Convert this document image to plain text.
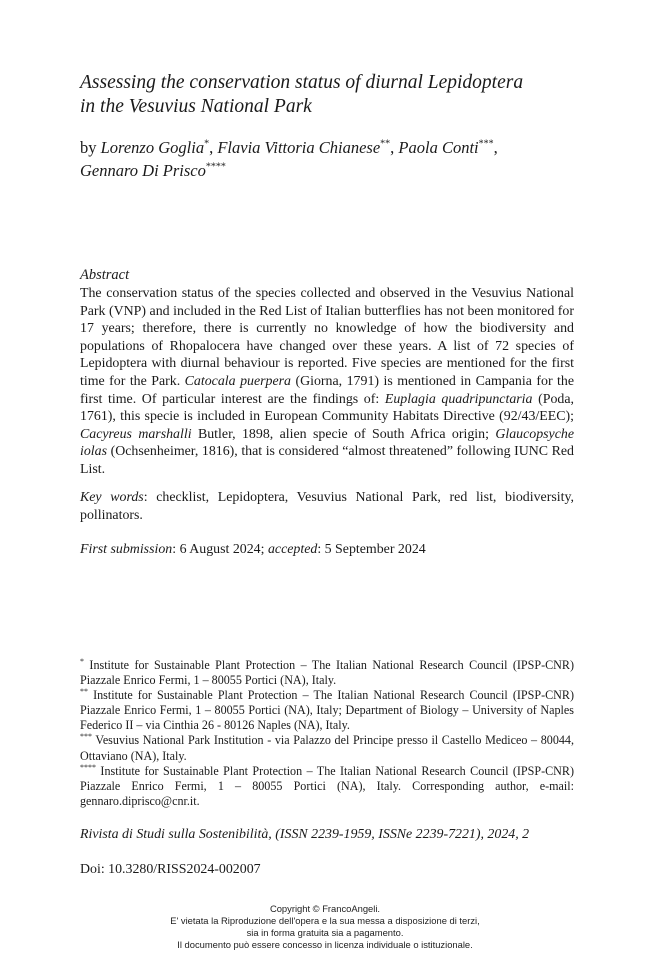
Assessing the conservation status of diurnal Lepidoptera
in the Vesuvius National Park
by Lorenzo Goglia*, Flavia Vittoria Chianese**, Paola Conti***,
Gennaro Di Prisco****
Abstract

The conservation status of the species collected and observed in the Vesuvius National Park (VNP) and included in the Red List of Italian butterflies has not been monitored for 17 years; therefore, there is currently no knowledge of how the biodiversity and populations of Rhopalocera have changed over these years. A list of 72 species of Lepidoptera with diurnal behaviour is reported. Five species are mentioned for the first time for the Park. Catocala puerpera (Giorna, 1791) is mentioned in Campania for the first time. Of particular interest are the findings of: Euplagia quadripunctaria (Poda, 1761), this specie is included in European Community Habitats Directive (92/43/EEC); Cacyreus marshalli Butler, 1898, alien specie of South Africa origin; Glaucopsyche iolas (Ochsenheimer, 1816), that is considered “almost threatened” following IUNC Red List.

Key words: checklist, Lepidoptera, Vesuvius National Park, red list, biodiversity, pollinators.

First submission: 6 August 2024; accepted: 5 September 2024

* Institute for Sustainable Plant Protection – The Italian National Research Council (IPSP-CNR) Piazzale Enrico Fermi, 1 – 80055 Portici (NA), Italy.

** Institute for Sustainable Plant Protection – The Italian National Research Council (IPSP-CNR) Piazzale Enrico Fermi, 1 – 80055 Portici (NA), Italy; Department of Biology – University of Naples Federico II – via Cinthia 26 - 80126 Naples (NA), Italy.

*** Vesuvius National Park Institution - via Palazzo del Principe presso il Castello Mediceo – 80044, Ottaviano (NA), Italy.

**** Institute for Sustainable Plant Protection – The Italian National Research Council (IPSP-CNR) Piazzale Enrico Fermi, 1 – 80055 Portici (NA), Italy. Corresponding author, e-mail: gennaro.diprisco@cnr.it.

Rivista di Studi sulla Sostenibilità, (ISSN 2239-1959, ISSNe 2239-7221), 2024, 2

Doi: 10.3280/RISS2024-002007

Copyright © FrancoAngeli.
E' vietata la Riproduzione dell'opera e la sua messa a disposizione di terzi,
sia in forma gratuita sia a pagamento.
Il documento può essere concesso in licenza individuale o istituzionale.
